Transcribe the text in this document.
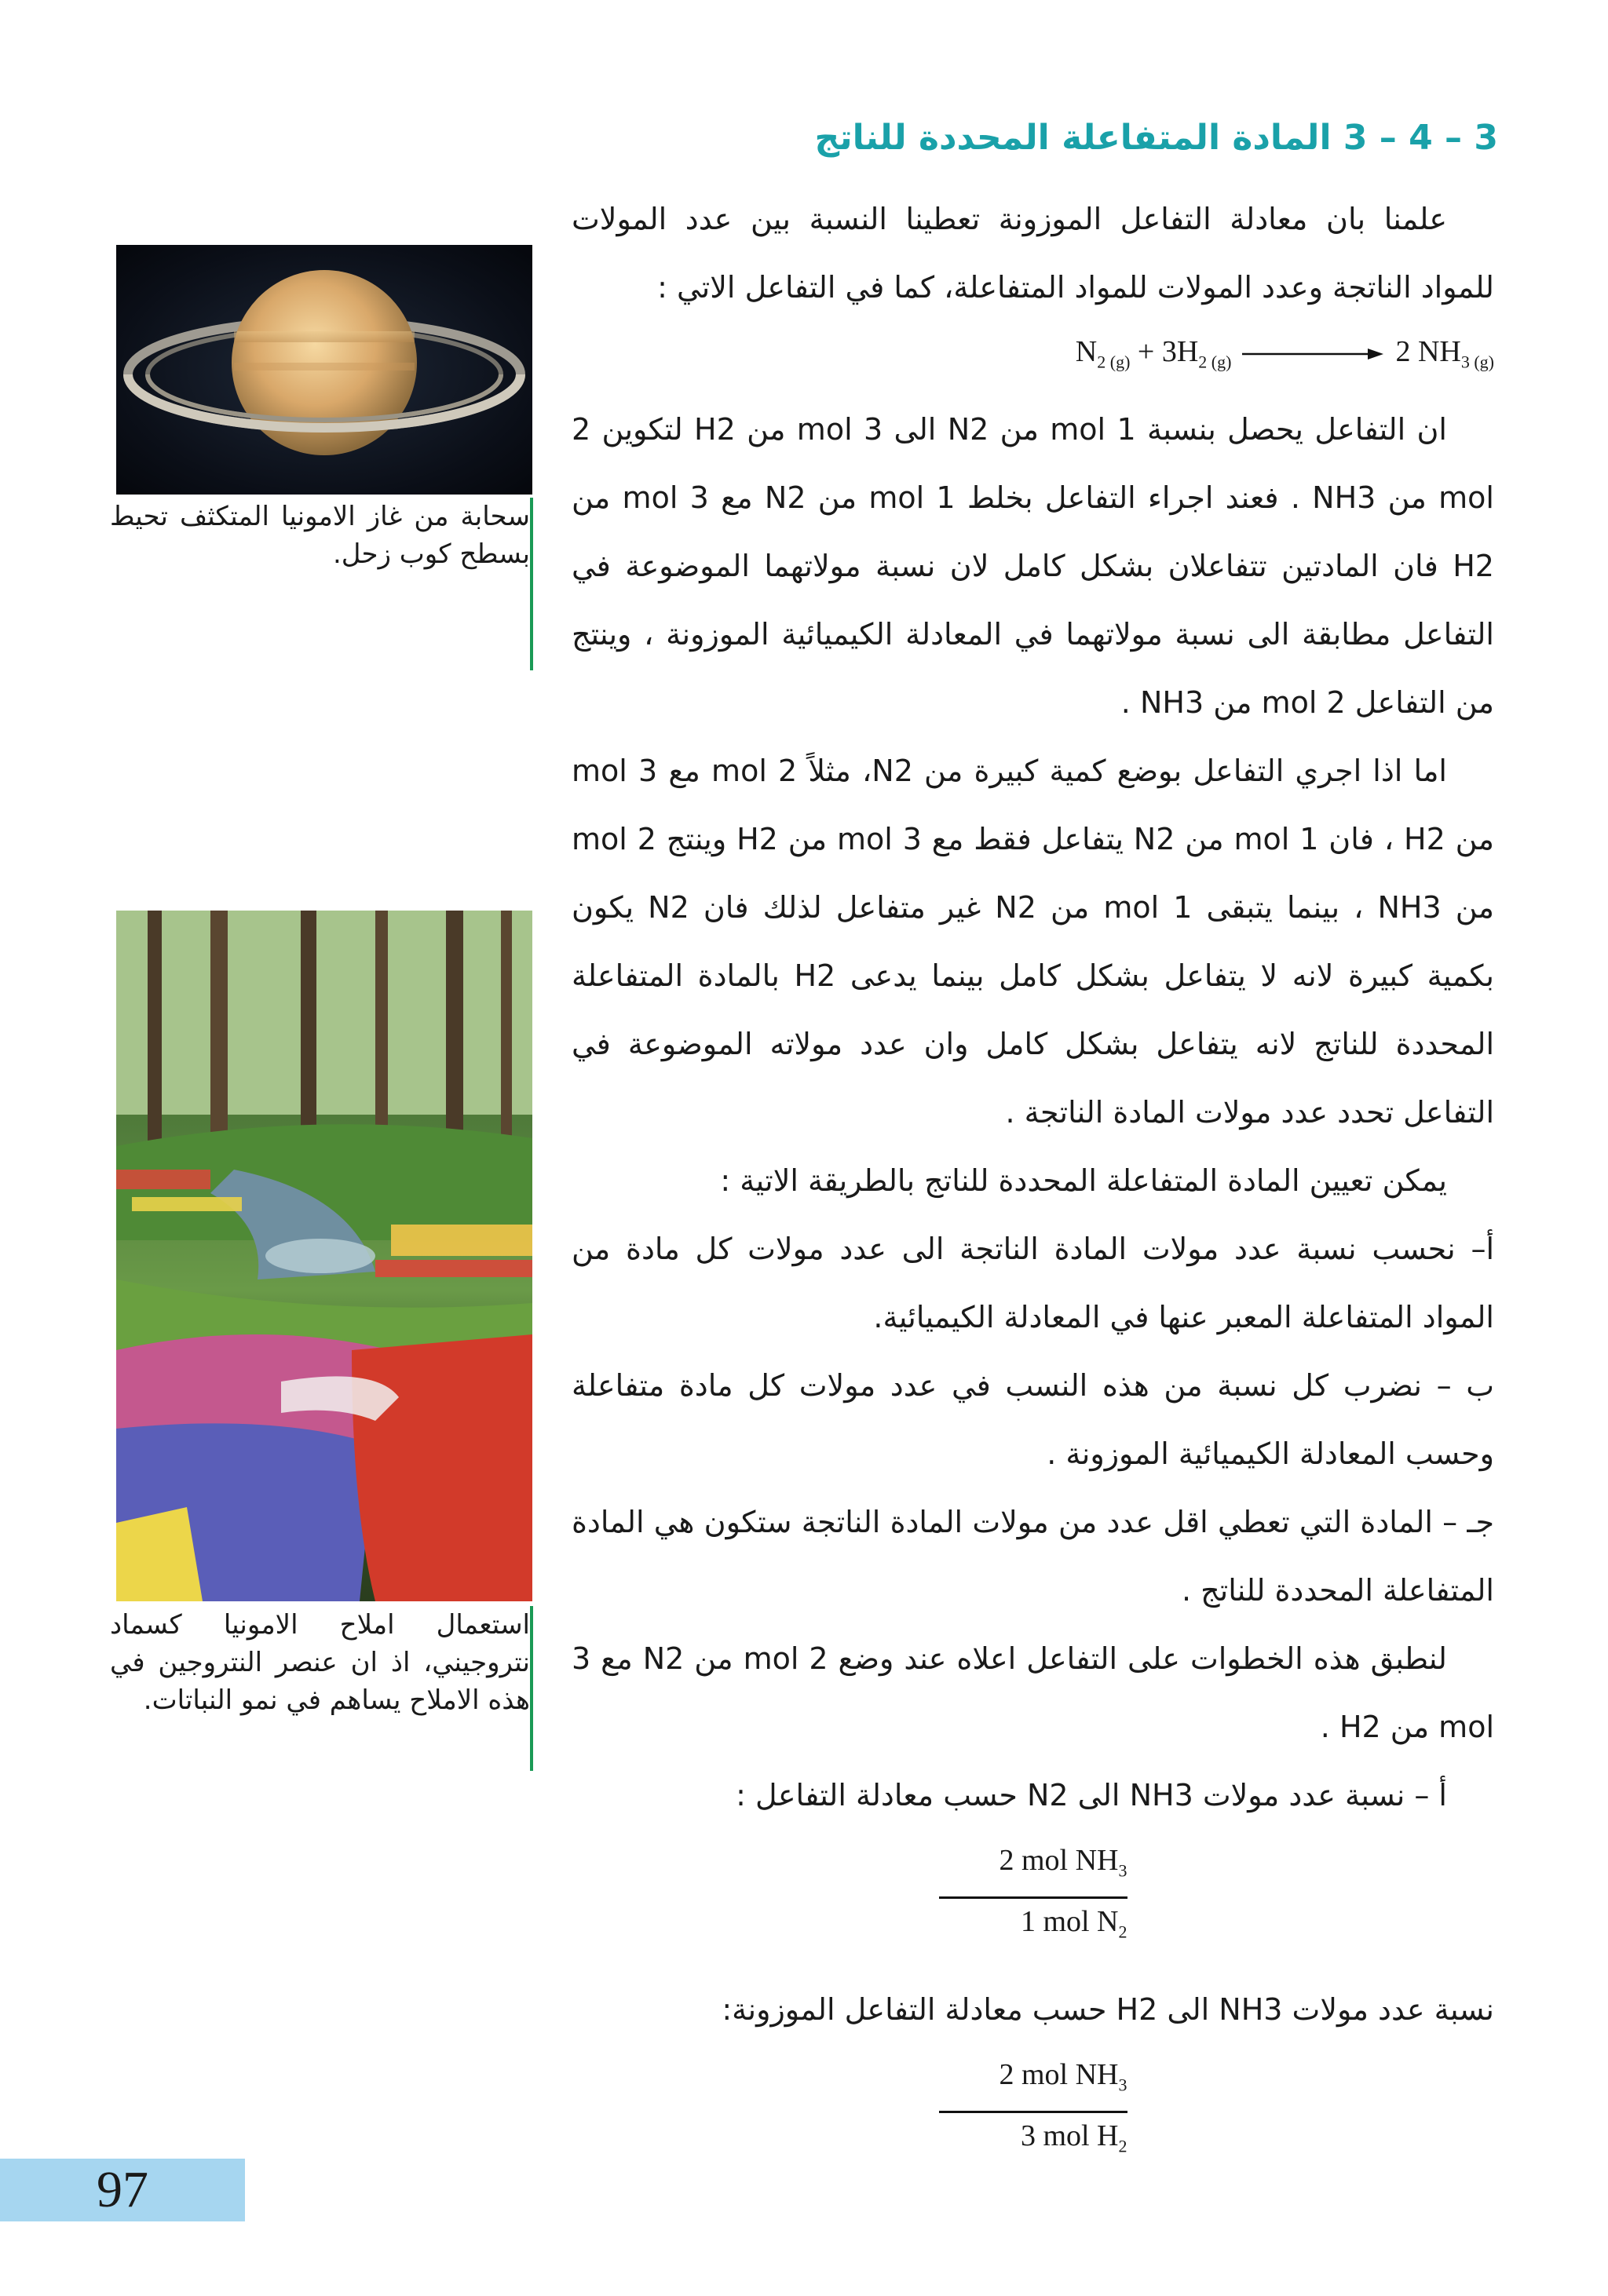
3 – 4 – 3 المادة المتفاعلة المحددة للناتج
سحابة من غاز الامونيا المتكثف تحيط بسطح كوب زحل.
استعمال املاح الامونيا كسماد نتروجيني، اذ ان عنصر النتروجين في هذه الاملاح يساهم في نمو النباتات.

علمنا بان معادلة التفاعل الموزونة تعطينا النسبة بين عدد المولات للمواد الناتجة وعدد المولات للمواد المتفاعلة، كما في التفاعل الاتي :

$N_{2 (g)} + 3H_{2 (g)}$	2 $NH_{3 (g)}$

ان التفاعل يحصل بنسبة 1 mol من N2 الى 3 mol من H2 لتكوين 2 mol من NH3 . فعند اجراء التفاعل بخلط 1 mol من N2 مع 3 mol من H2 فان المادتين تتفاعلان بشكل كامل لان نسبة مولاتهما الموضوعة في التفاعل مطابقة الى نسبة مولاتهما في المعادلة الكيميائية الموزونة ، وينتج من التفاعل 2 mol من NH3 .

اما اذا اجري التفاعل بوضع كمية كبيرة من N2، مثلاً 2 mol مع 3 mol من H2 ، فان 1 mol من N2 يتفاعل فقط مع 3 mol من H2 وينتج 2 mol من NH3 ، بينما يتبقى 1 mol من N2 غير متفاعل لذلك فان N2 يكون بكمية كبيرة لانه لا يتفاعل بشكل كامل بينما يدعى H2 بالمادة المتفاعلة المحددة للناتج لانه يتفاعل بشكل كامل وان عدد مولاته الموضوعة في التفاعل تحدد عدد مولات المادة الناتجة .

يمكن تعيين المادة المتفاعلة المحددة للناتج بالطريقة الاتية :

أ– نحسب نسبة عدد مولات المادة الناتجة الى عدد مولات كل مادة من المواد المتفاعلة المعبر عنها في المعادلة الكيميائية.

ب – نضرب كل نسبة من هذه النسب في عدد مولات كل مادة متفاعلة وحسب المعادلة الكيميائية الموزونة .

جـ – المادة التي تعطي اقل عدد من مولات المادة الناتجة ستكون هي المادة المتفاعلة المحددة للناتج .

لنطبق هذه الخطوات على التفاعل اعلاه عند وضع 2 mol من N2 مع 3 mol من H2 .

أ – نسبة عدد مولات NH3 الى N2 حسب معادلة التفاعل :

2 mol $NH_3$
1 mol $N_2$

نسبة عدد مولات NH3 الى H2 حسب معادلة التفاعل الموزونة:

2 mol $NH_3$
3 mol $H_2$
97
